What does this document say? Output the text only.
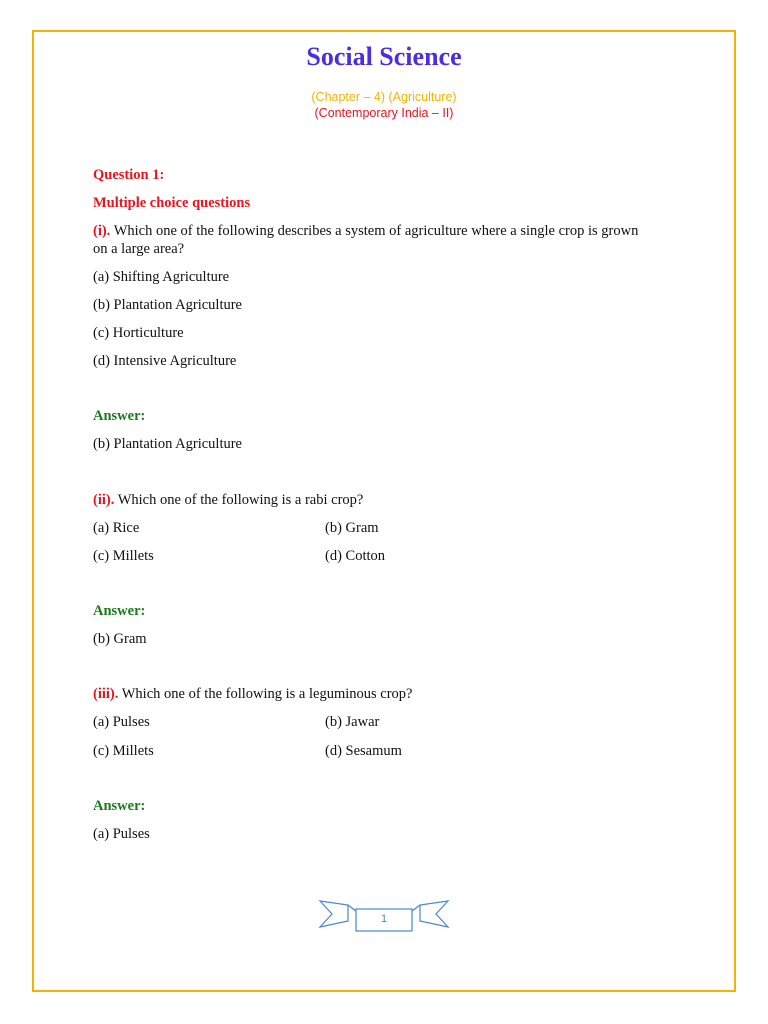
Social Science
(Chapter – 4) (Agriculture)
(Contemporary India – II)
Question 1:
Multiple choice questions
(i). Which one of the following describes a system of agriculture where a single crop is grown
on a large area?
(a) Shifting Agriculture
(b) Plantation Agriculture
(c) Horticulture
(d) Intensive Agriculture
Answer:
(b) Plantation Agriculture
(ii). Which one of the following is a rabi crop?
(a) Rice	(b) Gram
(c) Millets	(d) Cotton
Answer:
(b) Gram
(iii). Which one of the following is a leguminous crop?
(a) Pulses	(b) Jawar
(c) Millets	(d) Sesamum
Answer:
(a) Pulses
1
